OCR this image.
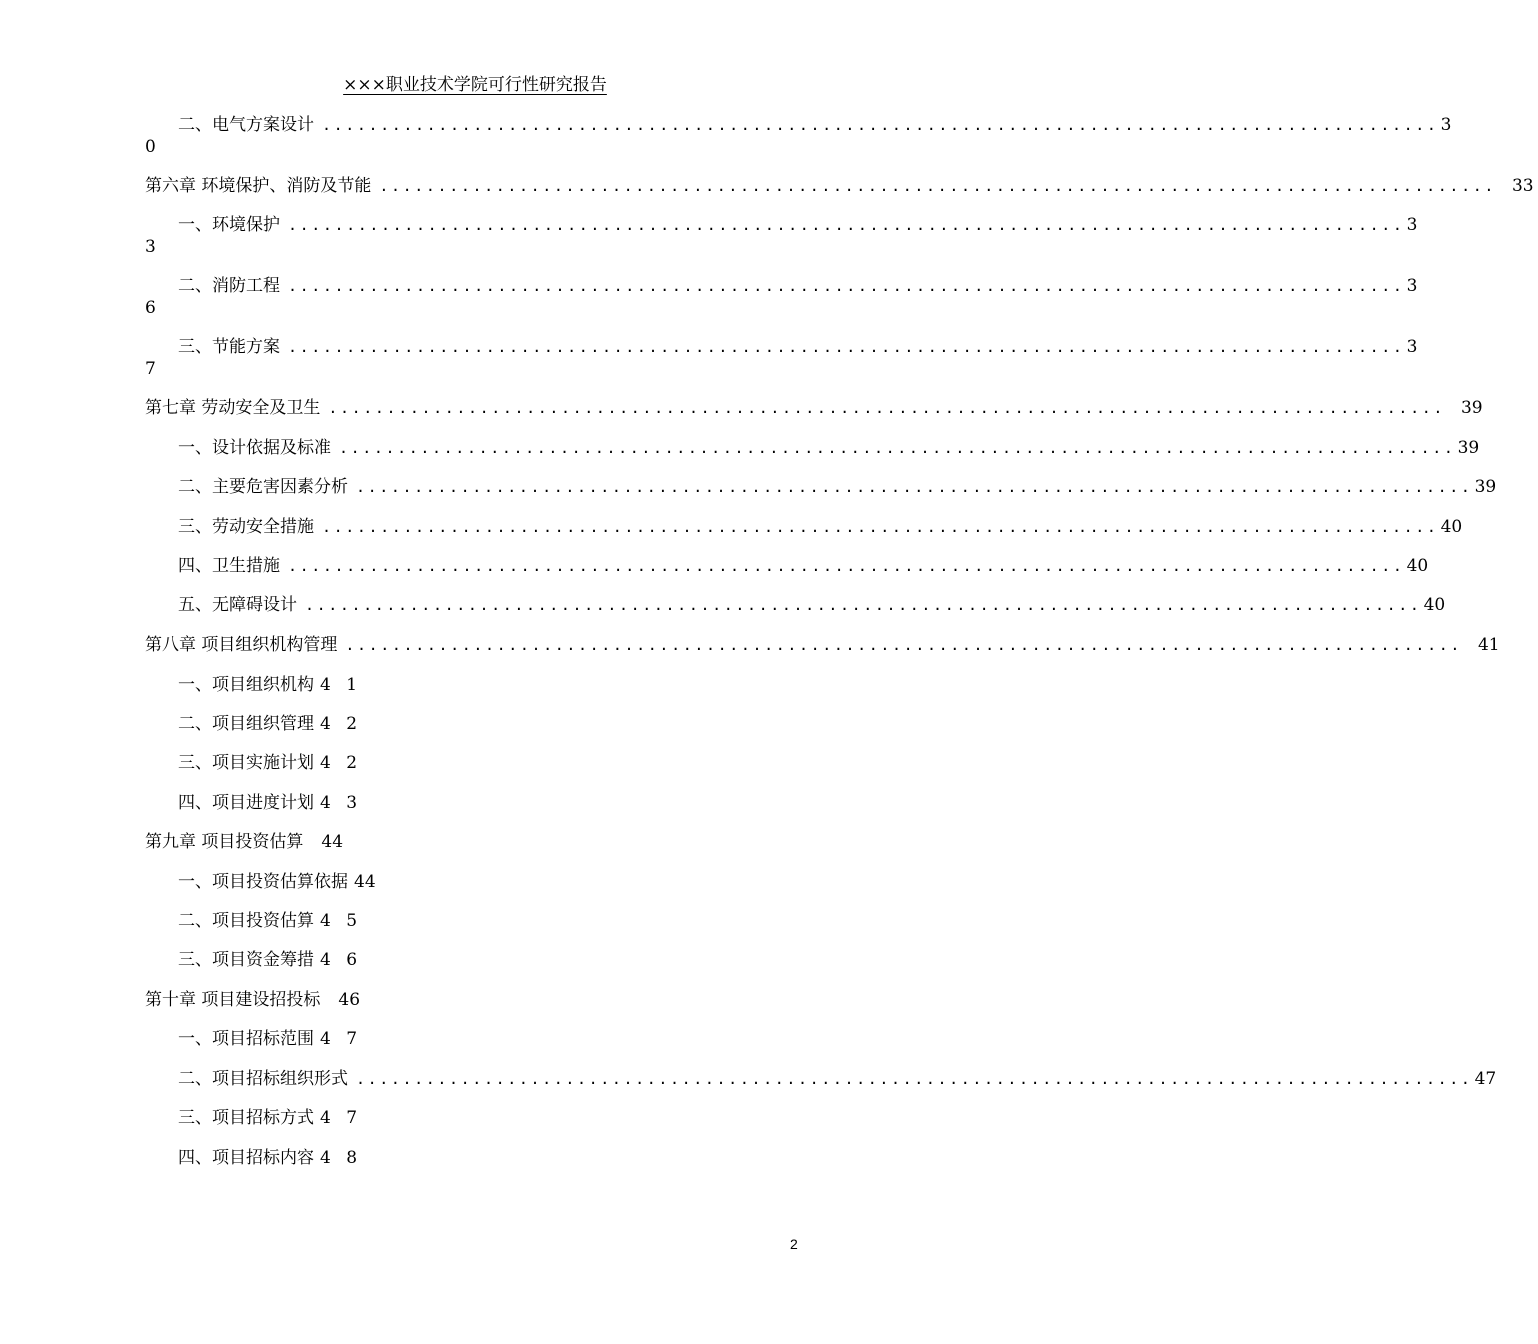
×××职业技术学院可行性研究报告
二、电气方案设计 ................................................................................................ 3
0
第六章 环境保护、消防及节能 ................................................................................................ 33
一、环境保护 ................................................................................................ 3
3
二、消防工程 ................................................................................................ 3
6
三、节能方案 ................................................................................................ 3
7
第七章 劳动安全及卫生 ................................................................................................ 39
一、设计依据及标准 ................................................................................................ 39
二、主要危害因素分析 ................................................................................................ 39
三、劳动安全措施 ................................................................................................ 40
四、卫生措施 ................................................................................................ 40
五、无障碍设计 ................................................................................................ 40
第八章 项目组织机构管理 ................................................................................................ 41
一、项目组织机构 4 1
二、项目组织管理 4 2
三、项目实施计划 4 2
四、项目进度计划 4 3
第九章 项目投资估算	44
一、项目投资估算依据 44
二、项目投资估算 4 5
三、项目资金筹措 4 6
第十章 项目建设招投标	46
一、项目招标范围 4 7
二、项目招标组织形式 ................................................................................................ 47
三、项目招标方式 4 7
四、项目招标内容 4 8
2
